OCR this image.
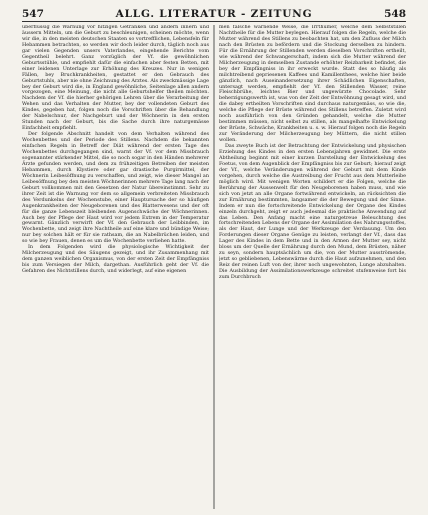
547	ALLG. LITERATUR - ZEITUNG	548

überflüssig die Warnung vor hitzigen Getränken und andern innern und äussern Mitteln, um die Geburt zu beschleunigen, scheinen möchte, wenn wir die, in den meisten deutschen Staaten so vortrefflichen, Lebensfeln für Hebammen betrachten, so werden wir doch leider durch, täglich noch aus gar vielen Gegenden unsers Vaterlandes, eingehende Berichte vom Gegentheil belehrt. Ganz vorzüglich der Vf. die gewöhnlichen Geburtsstühle, und empfiehlt dafür die einfachen aber festen Betten, mit einer leidenen Unterlage zur Erhöhung des Kreuzes. Nur in wenigen Fällen, bey Bruchkrankheiten, gestattet er den Gebrauch des Geburtstuhls, aber nie ohne Zeichnung des Arztes. Als zweckmässige Lage bey der Geburt wird die, in England gewöhnliche, Seitenlage allen andern vorgezogen, eine Meinung, die nicht alle Geburtshelfer theilen möchten. Nachdem der Vf. die hierher gehörigen Lehren über die Verarbeitung der Wehen und das Verhalten der Mutter, bey der vollendeten Geburt des Kindes, gegeben hat, folgen noch die Vorschriften über die Behandlung der Nabelschnur, der Nachgeburt und der Wöchnerin in den ersten Stunden nach der Geburt, bis die Sache durch ihre naturgemässe Einfachheit empfiehlt.

Der folgende Abschnitt handelt von dem Verhalten während des Wochenbettes und der Periode des Stillens. Nachdem die bekannten einfachen Regeln in Betreff der Diät während der ersten Tage des Wochenbettes durchgegangen sind, warnt der Vf. vor dem Missbrauch sogenannter stärkender Mittel, die so noch sogar in den Händen mehrerer Ärzte gefunden werden, und dem zu frühzeitigen Betreiben der meisten Hebammen, durch Klystiere oder gar drastische Purgirmittel, der Wöchnerin Leibesöffnung zu verschaffen, und zeigt, wie dieser Mangel an Leibesöffnung bey den meisten Wöchnerinnen mehrere Tage lang nach der Geburt vollkommen mit den Gesetzen der Natur übereinstimmt. Sehr zu ihrer Zeit ist die Warnung vor dem so allgemein verbreiteten Missbrauch des Verdunkelns der Wochenstube, einer Hauptursache der so häufigen Augenkrankheiten der Neugeborenen und des Blatterwesens und der oft für die ganze Lebenszeit bleibenden Augenschwäche der Wöchnerinnen. Auch bey der Pflege der Haut wird vor jedem Extrem in der Temperatur gewarnt. Gänzlich verwirft der Vf. den Gebrauch der Leibbinden, im Wochenbette, und zeigt ihre Nachtheile auf eine klare und bündige Weise; nur bey solchen hält er für sie rathsam, die an Nabelbrüchen leiden, und so wie bey Frauen, denen es um die Wochenbette verliehen hatte.

In dem Folgenden wird die physiologische Wichtigkeit der Milcherzeugung und des Säugens gezeigt, und ihr Zusammenhang mit dem ganzen weiblichen Organismus, von der ersten Zeit der Empfängniss bis zum Versiegen der Milch, dargethan. Ausführlich geht der Vf. die Gefahren des Nichtstillens durch, und widerlegt, auf eine eigenen

men falsche warnende Weise, die Irrthümer, welche dem Selbststillen Nachtheile für die Mutter beylegen. Hierauf folgen die Regeln, welche die Mutter während des Stillens zu beobachten hat, um den Zufluss der Milch nach den Brüsten zu befördern und die Stockung derselben zu hindern. Für die Ernährung der Stillenden werden dieselben Vorschriften ertheilt, wie während der Schwangerschaft, indem sich die Mutter während der Milcherzeugung in demselben Zustande erhöhter Reizbarkeit befindet, die bey der Empfängniss in ihr erweckt wurde. Statt des so häufig als milchtreibend gepriesenen Kaffees und Kamillenthees, welche hier beide gänzlich, nach Auseinandersetzung ihrer Schädlichen Eigenschaften, untersagt werden, empfiehlt der Vf. den Stillenden Wasser, reine Fleischbrühe, leichtes Bier und ungewürzte Chocolade. Sehr beherzigungswerth ist, was von der Zeit der Entwöhnung gesagt wird, und die dabey ertheilten Vorschriften sind durchaus naturgemäss, so wie die, welche die Pflege der Brüste während des Stillens betreffen. Zuletzt wird noch ausführlich von den Gründen gehandelt, welche die Mutter bestimmen müssen, nicht selbst zu stillen, als mangelhafte Entwickelung der Brüste, Schwäche, Krankheiten u. s. w. Hierauf folgen noch die Regeln zur Veränderung der Milcherzeugung bey Müttern, die nicht stillen wollen.

Das zweyte Buch ist der Betrachtung der Entwickelung und physischen Erziehung des Kindes in den ersten Lebensjahren gewidmet. Die erste Abtheilung beginnt mit einer kurzen Darstellung der Entwickelung des Foetus, von dem Augenblick der Empfängniss bis zur Geburt; hierauf zeigt der Vf., welche Veränderungen während der Geburt mit dem Kinde vorgehen, durch welche die Austreibung der Frucht aus dem Mutterleibe möglich wird. Mit wenigen Worten schildert er die Folgen, welche die Berührung der Aussenwelt für den Neugeborenen haben muss, und wie sich von jetzt an alle Organe fortwährend entwickeln, an rücksichten die zur Ernährung bestimmten, langsamer die der Bewegung und der Sinne. Indem er nun die fortschreitende Entwickelung der Organe des Kindes einzeln durchgeht, zeigt er auch jedesmal die praktische Anwendung auf das Leben. Den Anfang macht eine naturgetreue Beleuchtung des fortschreitenden Lebens der Organe der Assimilation des Nahrungsstoffes, als der Haut, der Lunge und der Werkzeuge der Verdauung. Um den Forderungen dieser Organe Genüge zu leisten, verlangt der Vf., dass das Lager des Kindes in dem Bette und in den Armen der Mutter sey, nicht bloss um der Quelle der Ernährung durch den Mund, dem Brüsten, näher zu seyn, sondern hauptsächlich um die, von der Mutter ausströmende, jetzt so gebliebenen, Lebenswärme durch die Haut aufzunehmen, und den Reiz der reinen Luft von der, ihrer noch ungewohnten, Lunge abzuhalten. Die Ausbildung der Assimilationswerkzeuge schreitet stufenweise fort bis zum Durchbruch
